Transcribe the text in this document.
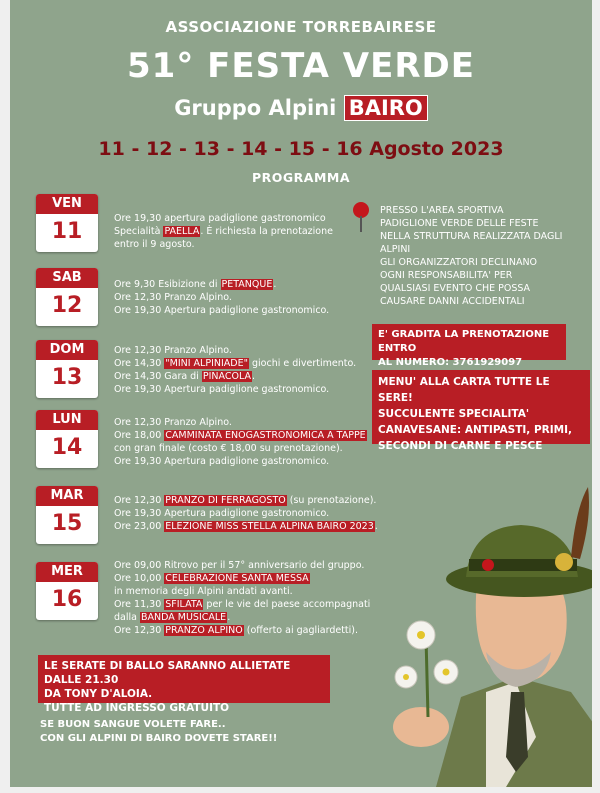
ASSOCIAZIONE TORREBAIRESE
51° FESTA VERDE
Gruppo Alpini BAIRO
11 - 12 - 13 - 14 - 15 - 16 Agosto 2023
PROGRAMMA
VEN
11
Ore 19,30 apertura padiglione gastronomico
Specialità PAELLA. È richiesta la prenotazione
entro il 9 agosto.
SAB
12
Ore 9,30 Esibizione di PETANQUE.
Ore 12,30 Pranzo Alpino.
Ore 19,30 Apertura padiglione gastronomico.
DOM
13
Ore 12,30 Pranzo Alpino.
Ore 14,30 "MINI ALPINIADE" giochi e divertimento.
Ore 14,30 Gara di PINACOLA.
Ore 19,30 Apertura padiglione gastronomico.
LUN
14
Ore 12,30 Pranzo Alpino.
Ore 18,00 CAMMINATA ENOGASTRONOMICA A TAPPE
con gran finale (costo € 18,00 su prenotazione).
Ore 19,30 Apertura padiglione gastronomico.
MAR
15
Ore 12,30 PRANZO DI FERRAGOSTO (su prenotazione).
Ore 19,30 Apertura padiglione gastronomico.
Ore 23,00 ELEZIONE MISS STELLA ALPINA BAIRO 2023.
MER
16
Ore 09,00 Ritrovo per il 57° anniversario del gruppo.
Ore 10,00 CELEBRAZIONE SANTA MESSA
in memoria degli Alpini andati avanti.
Ore 11,30 SFILATA per le vie del paese accompagnati
dalla BANDA MUSICALE.
Ore 12,30 PRANZO ALPINO (offerto ai gagliardetti).
PRESSO L'AREA SPORTIVA
PADIGLIONE VERDE DELLE FESTE
NELLA STRUTTURA REALIZZATA DAGLI ALPINI
GLI ORGANIZZATORI DECLINANO
OGNI RESPONSABILITA' PER
QUALSIASI EVENTO CHE POSSA
CAUSARE DANNI ACCIDENTALI
E' GRADITA LA PRENOTAZIONE ENTRO
AL NUMERO: 3761929097
MENU' ALLA CARTA TUTTE LE SERE!
SUCCULENTE SPECIALITA'
CANAVESANE: ANTIPASTI, PRIMI,
SECONDI DI CARNE E PESCE
LE SERATE DI BALLO SARANNO ALLIETATE DALLE 21.30
DA TONY D'ALOIA.
TUTTE AD INGRESSO GRATUITO
SE BUON SANGUE VOLETE FARE..
CON GLI ALPINI DI BAIRO DOVETE STARE!!
